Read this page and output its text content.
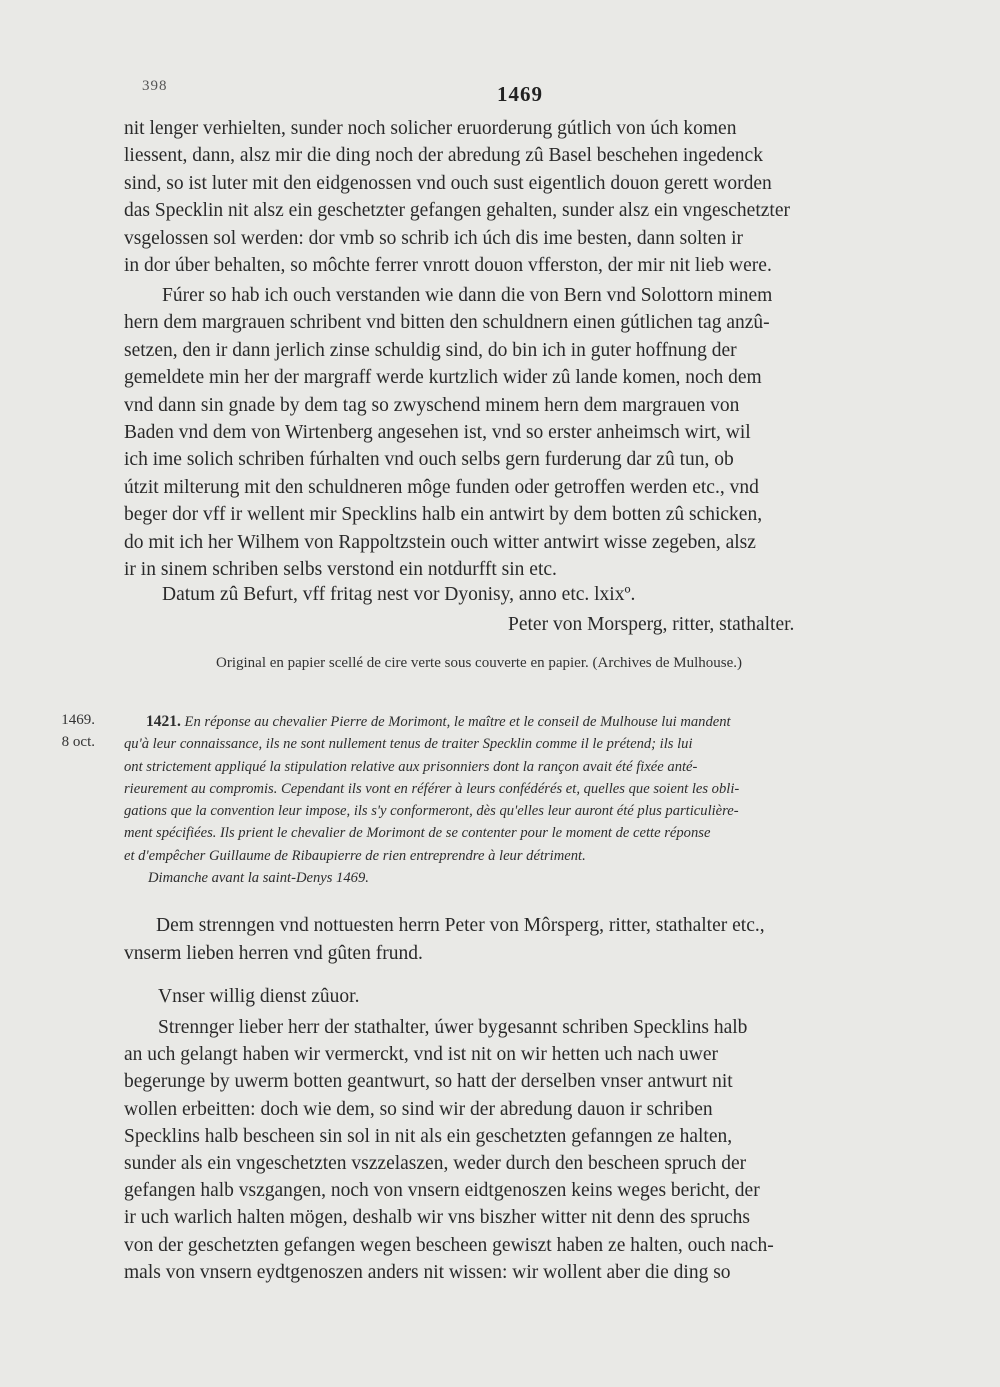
398	1469

nit lenger verhielten, sunder noch solicher eruorderung gútlich von úch komen

liessent, dann, alsz mir die ding noch der abredung zû Basel beschehen ingedenck

sind, so ist luter mit den eidgenossen vnd ouch sust eigentlich douon gerett worden

das Specklin nit alsz ein geschetzter gefangen gehalten, sunder alsz ein vngeschetzter

vsgelossen sol werden: dor vmb so schrib ich úch dis ime besten, dann solten ir

in dor úber behalten, so môchte ferrer vnrott douon vfferston, der mir nit lieb were.

Fúrer so hab ich ouch verstanden wie dann die von Bern vnd Solottorn minem

hern dem margrauen schribent vnd bitten den schuldnern einen gútlichen tag anzû-

setzen, den ir dann jerlich zinse schuldig sind, do bin ich in guter hoffnung der

gemeldete min her der margraff werde kurtzlich wider zû lande komen, noch dem

vnd dann sin gnade by dem tag so zwyschend minem hern dem margrauen von

Baden vnd dem von Wirtenberg angesehen ist, vnd so erster anheimsch wirt, wil

ich ime solich schriben fúrhalten vnd ouch selbs gern furderung dar zû tun, ob

útzit milterung mit den schuldneren môge funden oder getroffen werden etc., vnd

beger dor vff ir wellent mir Specklins halb ein antwirt by dem botten zû schicken,

do mit ich her Wilhem von Rappoltzstein ouch witter antwirt wisse zegeben, alsz

ir in sinem schriben selbs verstond ein notdurfft sin etc.

Datum zû Befurt, vff fritag nest vor Dyonisy, anno etc. lxixº.
Peter von Morsperg, ritter, stathalter.
Original en papier scellé de cire verte sous couverte en papier. (Archives de Mulhouse.)
1469.
8 oct.

1421. En réponse au chevalier Pierre de Morimont, le maître et le conseil de Mulhouse lui mandent

qu'à leur connaissance, ils ne sont nullement tenus de traiter Specklin comme il le prétend; ils lui

ont strictement appliqué la stipulation relative aux prisonniers dont la rançon avait été fixée anté-

rieurement au compromis. Cependant ils vont en référer à leurs confédérés et, quelles que soient les obli-

gations que la convention leur impose, ils s'y conformeront, dès qu'elles leur auront été plus particulière-

ment spécifiées. Ils prient le chevalier de Morimont de se contenter pour le moment de cette réponse

et d'empêcher Guillaume de Ribaupierre de rien entreprendre à leur détriment.

Dimanche avant la saint-Denys 1469.

Dem strenngen vnd nottuesten herrn Peter von Môrsperg, ritter, stathalter etc.,

vnserm lieben herren vnd gûten frund.

Vnser willig dienst zûuor.

Strennger lieber herr der stathalter, úwer bygesannt schriben Specklins halb

an uch gelangt haben wir vermerckt, vnd ist nit on wir hetten uch nach uwer

begerunge by uwerm botten geantwurt, so hatt der derselben vnser antwurt nit

wollen erbeitten: doch wie dem, so sind wir der abredung dauon ir schriben

Specklins halb bescheen sin sol in nit als ein geschetzten gefanngen ze halten,

sunder als ein vngeschetzten vszzelaszen, weder durch den bescheen spruch der

gefangen halb vszgangen, noch von vnsern eidtgenoszen keins weges bericht, der

ir uch warlich halten mögen, deshalb wir vns biszher witter nit denn des spruchs

von der geschetzten gefangen wegen bescheen gewiszt haben ze halten, ouch nach-

mals von vnsern eydtgenoszen anders nit wissen: wir wollent aber die ding so
